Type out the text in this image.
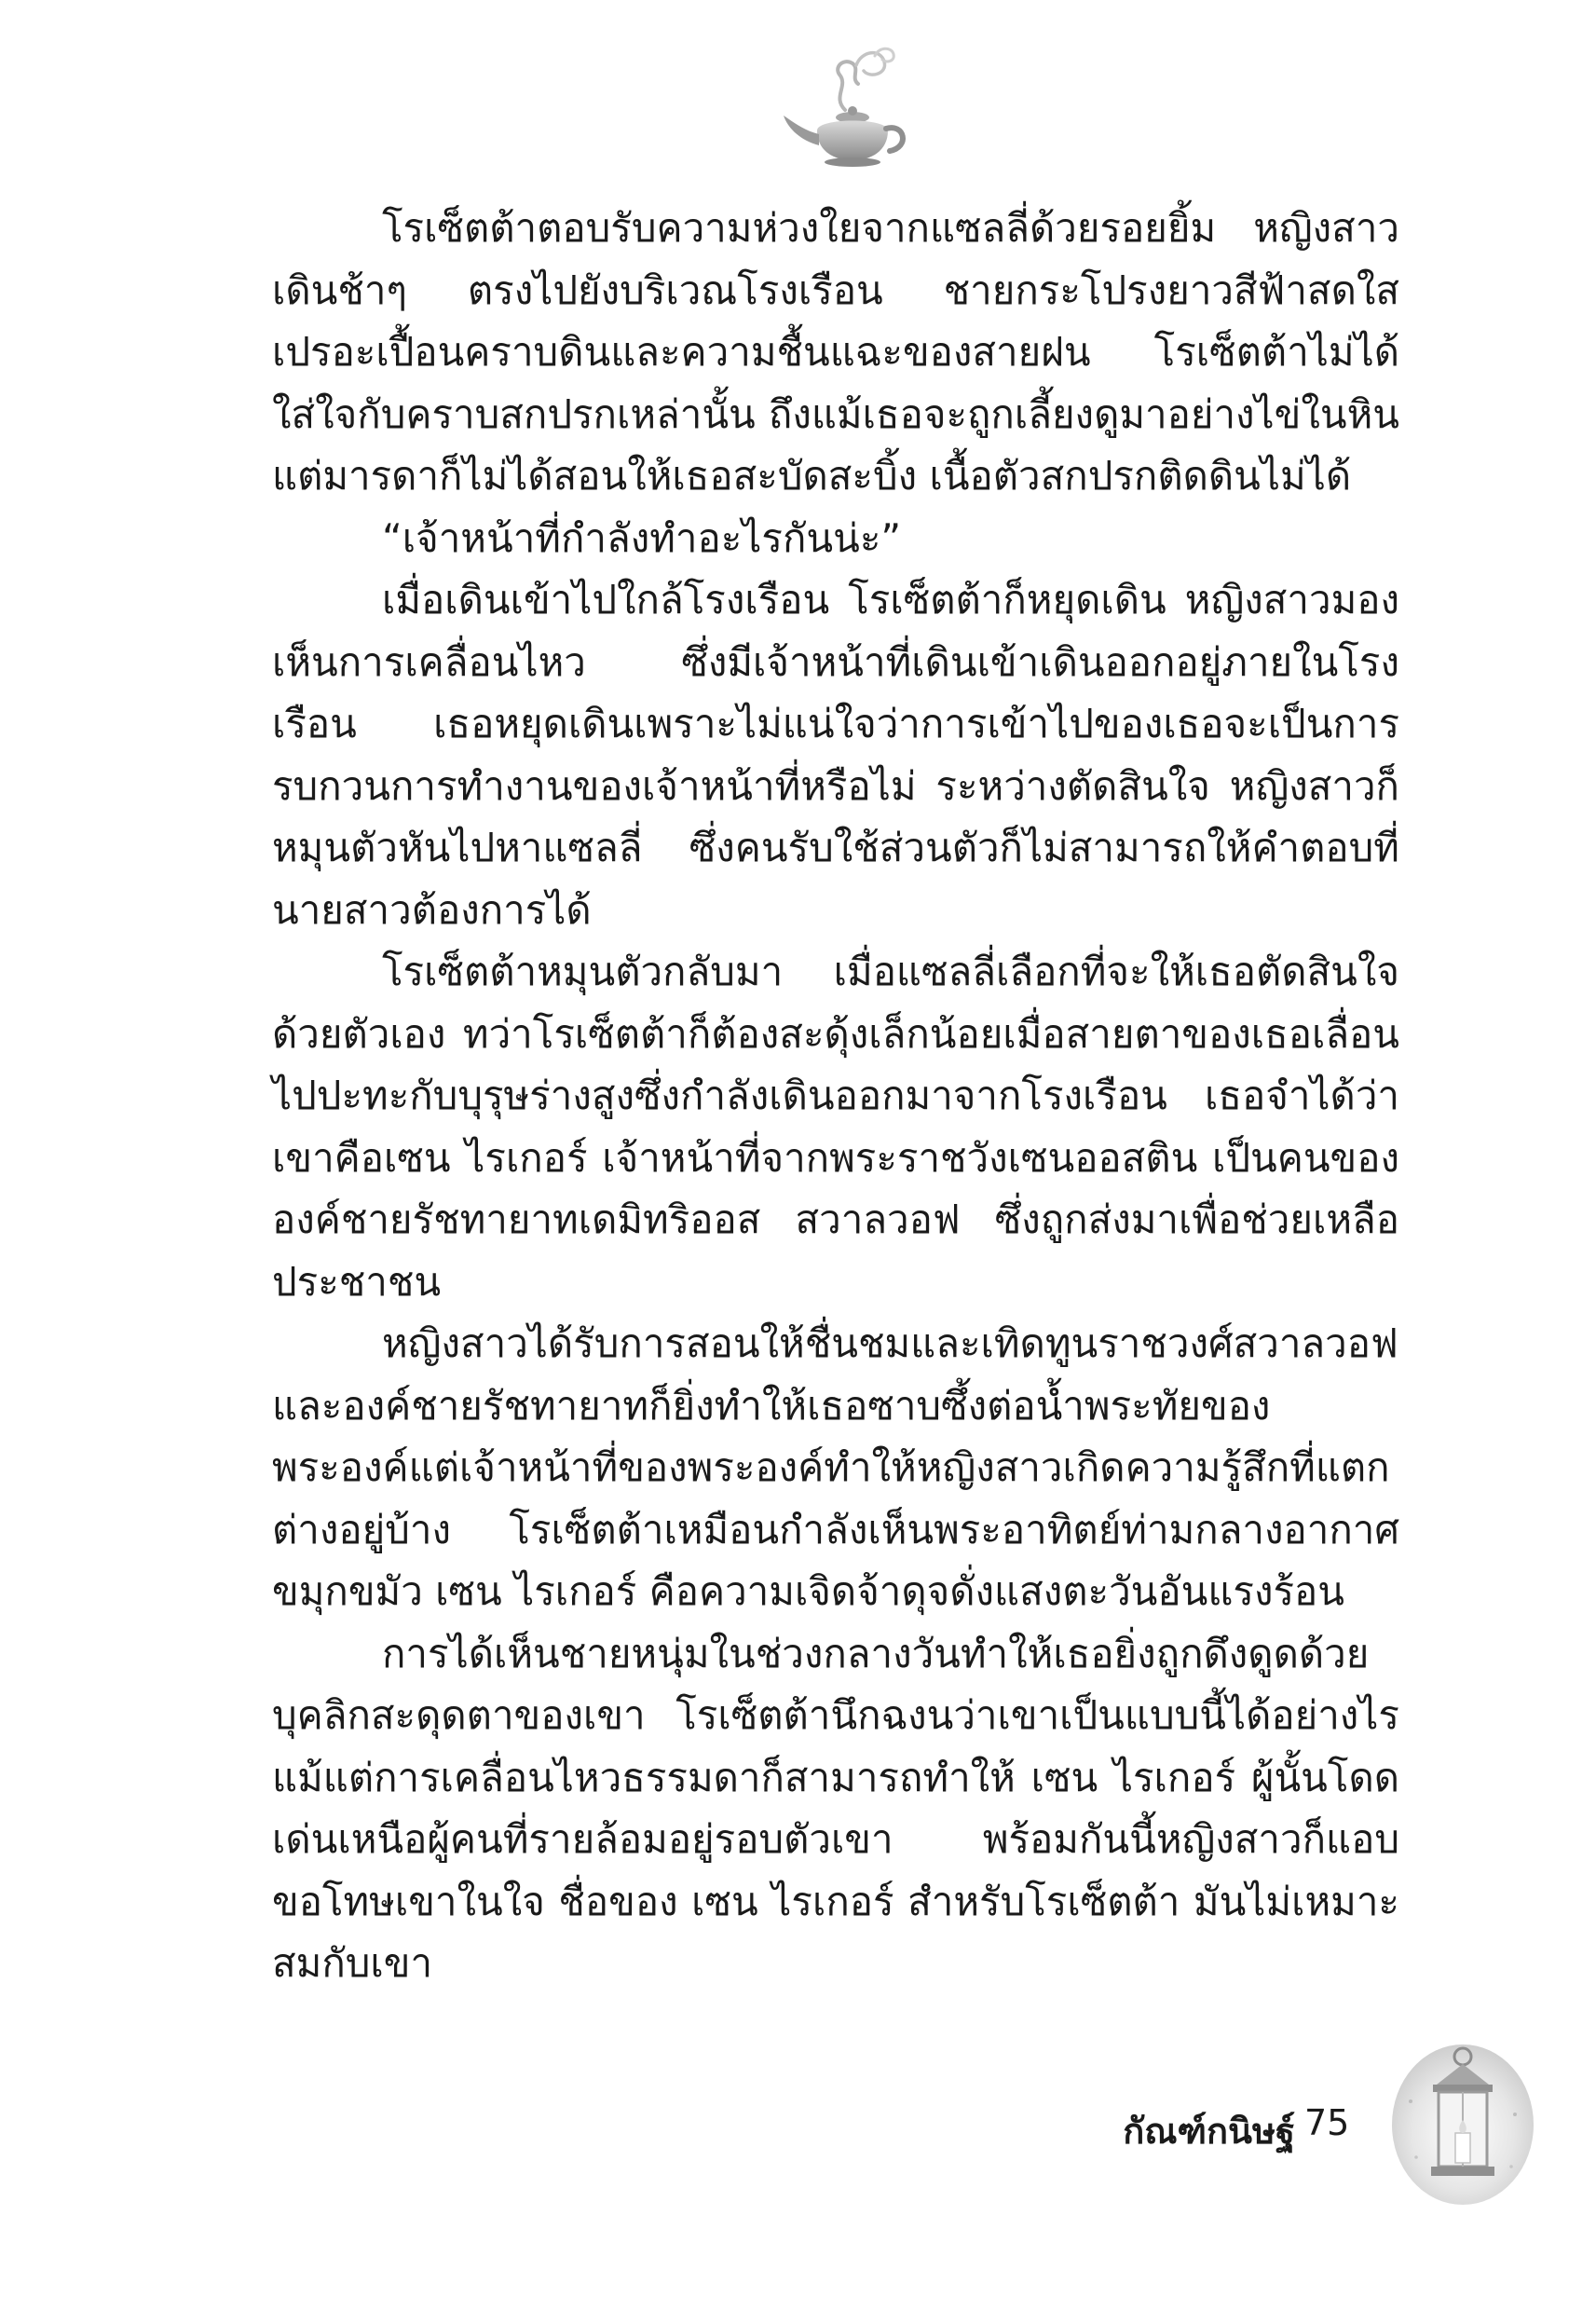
โรเซ็ตต้าตอบรับความห่วงใยจากแซลลี่ด้วยรอยยิ้ม หญิงสาวเดินช้าๆ ตรงไปยังบริเวณโรงเรือน ชายกระโปรงยาวสีฟ้าสดใสเปรอะเปื้อนคราบดินและความชื้นแฉะของสายฝน โรเซ็ตต้าไม่ได้ใส่ใจกับคราบสกปรกเหล่านั้น ถึงแม้เธอจะถูกเลี้ยงดูมาอย่างไข่ในหิน แต่มารดาก็ไม่ได้สอนให้เธอสะบัดสะบิ้ง เนื้อตัวสกปรกติดดินไม่ได้

“เจ้าหน้าที่กำลังทำอะไรกันน่ะ”

เมื่อเดินเข้าไปใกล้โรงเรือน โรเซ็ตต้าก็หยุดเดิน หญิงสาวมองเห็นการเคลื่อนไหว ซึ่งมีเจ้าหน้าที่เดินเข้าเดินออกอยู่ภายในโรงเรือน เธอหยุดเดินเพราะไม่แน่ใจว่าการเข้าไปของเธอจะเป็นการรบกวนการทำงานของเจ้าหน้าที่หรือไม่ ระหว่างตัดสินใจ หญิงสาวก็หมุนตัวหันไปหาแซลลี่ ซึ่งคนรับใช้ส่วนตัวก็ไม่สามารถให้คำตอบที่นายสาวต้องการได้

โรเซ็ตต้าหมุนตัวกลับมา เมื่อแซลลี่เลือกที่จะให้เธอตัดสินใจด้วยตัวเอง ทว่าโรเซ็ตต้าก็ต้องสะดุ้งเล็กน้อยเมื่อสายตาของเธอเลื่อนไปปะทะกับบุรุษร่างสูงซึ่งกำลังเดินออกมาจากโรงเรือน เธอจำได้ว่าเขาคือเซน ไรเกอร์ เจ้าหน้าที่จากพระราชวังเซนออสติน เป็นคนขององค์ชายรัชทายาทเดมิทริออส สวาลวอฟ ซึ่งถูกส่งมาเพื่อช่วยเหลือประชาชน

หญิงสาวได้รับการสอนให้ชื่นชมและเทิดทูนราชวงศ์สวาลวอฟและองค์ชายรัชทายาทก็ยิ่งทำให้เธอซาบซึ้งต่อน้ำพระทัยของพระองค์แต่เจ้าหน้าที่ของพระองค์ทำให้หญิงสาวเกิดความรู้สึกที่แตกต่างอยู่บ้าง โรเซ็ตต้าเหมือนกำลังเห็นพระอาทิตย์ท่ามกลางอากาศขมุกขมัว เซน ไรเกอร์ คือความเจิดจ้าดุจดั่งแสงตะวันอันแรงร้อน

การได้เห็นชายหนุ่มในช่วงกลางวันทำให้เธอยิ่งถูกดึงดูดด้วยบุคลิกสะดุดตาของเขา โรเซ็ตต้านึกฉงนว่าเขาเป็นแบบนี้ได้อย่างไร แม้แต่การเคลื่อนไหวธรรมดาก็สามารถทำให้ เซน ไรเกอร์ ผู้นั้นโดดเด่นเหนือผู้คนที่รายล้อมอยู่รอบตัวเขา พร้อมกันนี้หญิงสาวก็แอบขอโทษเขาในใจ ชื่อของ เซน ไรเกอร์ สำหรับโรเซ็ตต้า มันไม่เหมาะสมกับเขา

กัณฑ์กนิษฐ์ 75
